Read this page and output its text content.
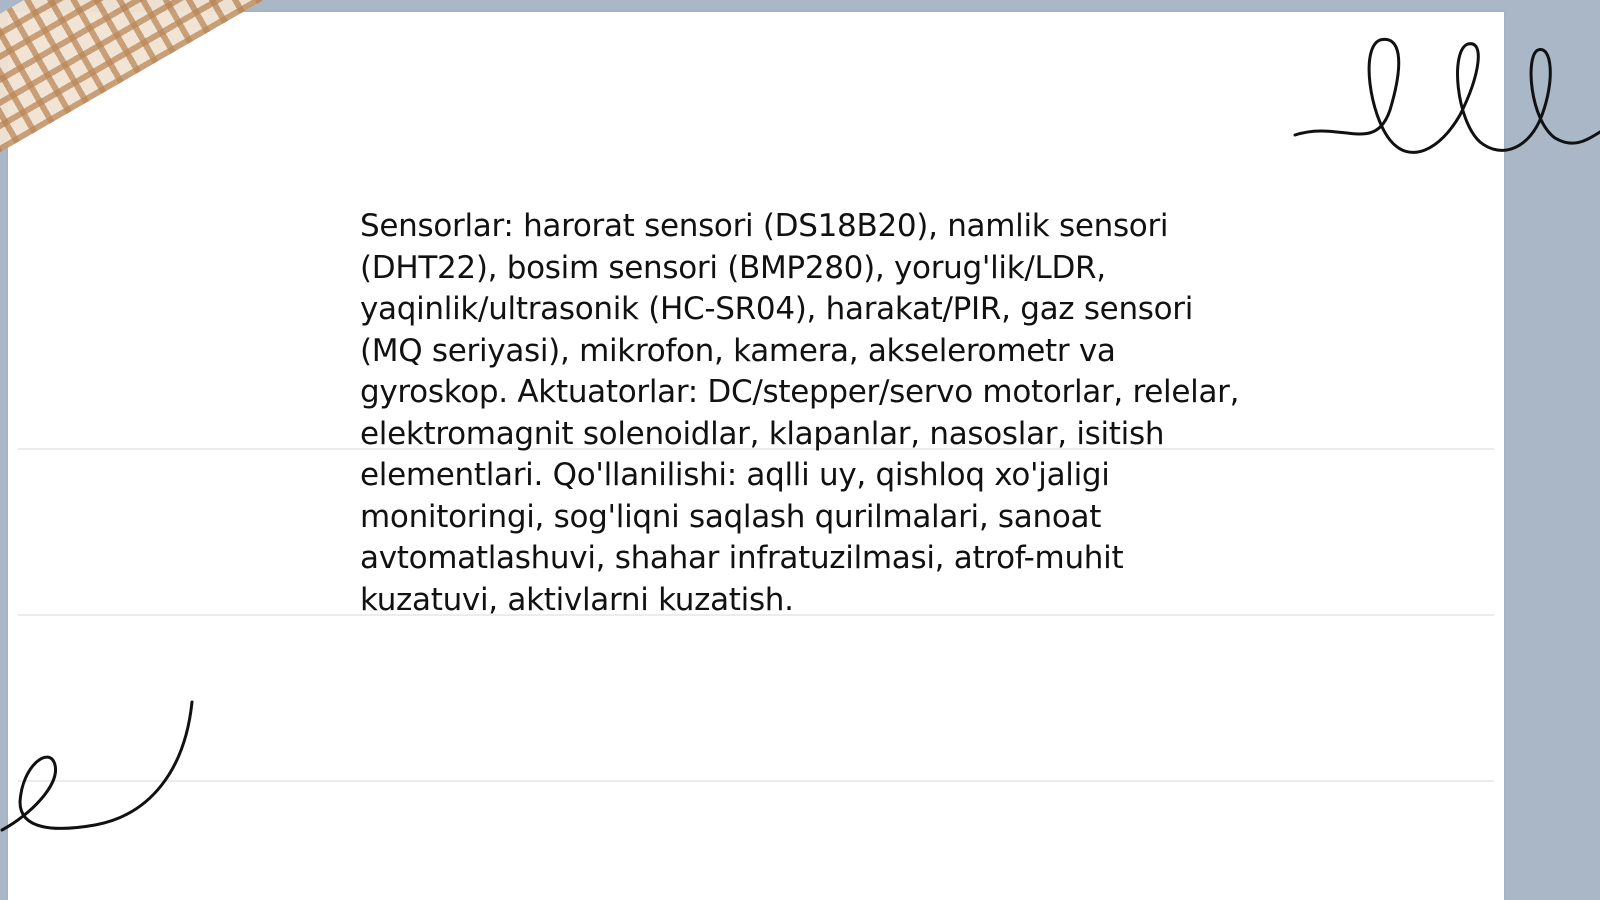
Sensorlar: harorat sensori (DS18B20), namlik sensori (DHT22), bosim sensori (BMP280), yorug'lik/LDR, yaqinlik/ultrasonik (HC-SR04), harakat/PIR, gaz sensori (MQ seriyasi), mikrofon, kamera, akselerometr va gyroskop. Aktuatorlar: DC/stepper/servo motorlar, relelar, elektromagnit solenoidlar, klapanlar, nasoslar, isitish elementlari. Qo'llanilishi: aqlli uy, qishloq xo'jaligi monitoringi, sog'liqni saqlash qurilmalari, sanoat avtomatlashuvi, shahar infratuzilmasi, atrof-muhit kuzatuvi, aktivlarni kuzatish.
